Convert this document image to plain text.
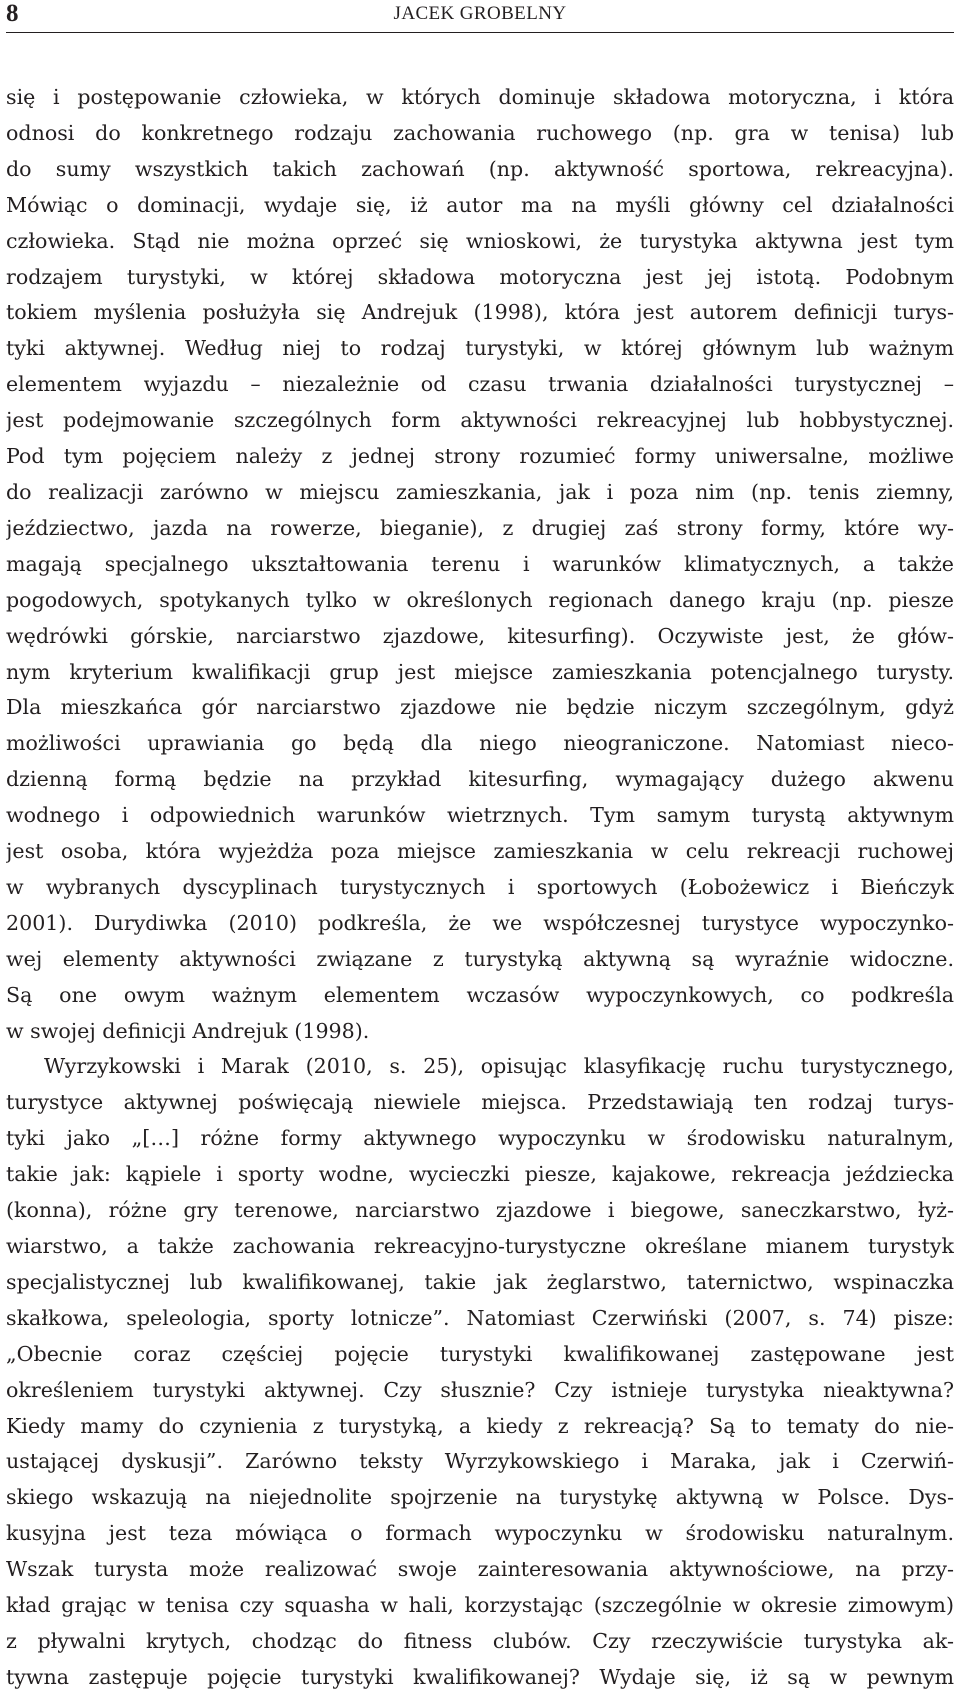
8	JACEK GROBELNY

się i postępowanie człowieka, w których dominuje składowa motoryczna, i która
odnosi do konkretnego rodzaju zachowania ruchowego (np. gra w tenisa) lub
do sumy wszystkich takich zachowań (np. aktywność sportowa, rekreacyjna).
Mówiąc o dominacji, wydaje się, iż autor ma na myśli główny cel działalności
człowieka. Stąd nie można oprzeć się wnioskowi, że turystyka aktywna jest tym
rodzajem turystyki, w której składowa motoryczna jest jej istotą. Podobnym
tokiem myślenia posłużyła się Andrejuk (1998), która jest autorem definicji turys-
tyki aktywnej. Według niej to rodzaj turystyki, w której głównym lub ważnym
elementem wyjazdu – niezależnie od czasu trwania działalności turystycznej –
jest podejmowanie szczególnych form aktywności rekreacyjnej lub hobbystycznej.
Pod tym pojęciem należy z jednej strony rozumieć formy uniwersalne, możliwe
do realizacji zarówno w miejscu zamieszkania, jak i poza nim (np. tenis ziemny,
jeździectwo, jazda na rowerze, bieganie), z drugiej zaś strony formy, które wy-
magają specjalnego ukształtowania terenu i warunków klimatycznych, a także
pogodowych, spotykanych tylko w określonych regionach danego kraju (np. piesze
wędrówki górskie, narciarstwo zjazdowe, kitesurfing). Oczywiste jest, że głów-
nym kryterium kwalifikacji grup jest miejsce zamieszkania potencjalnego turysty.
Dla mieszkańca gór narciarstwo zjazdowe nie będzie niczym szczególnym, gdyż
możliwości uprawiania go będą dla niego nieograniczone. Natomiast nieco-
dzienną formą będzie na przykład kitesurfing, wymagający dużego akwenu
wodnego i odpowiednich warunków wietrznych. Tym samym turystą aktywnym
jest osoba, która wyjeżdża poza miejsce zamieszkania w celu rekreacji ruchowej
w wybranych dyscyplinach turystycznych i sportowych (Łobożewicz i Bieńczyk
2001). Durydiwka (2010) podkreśla, że we współczesnej turystyce wypoczynko-
wej elementy aktywności związane z turystyką aktywną są wyraźnie widoczne.
Są one owym ważnym elementem wczasów wypoczynkowych, co podkreśla
w swojej definicji Andrejuk (1998).

Wyrzykowski i Marak (2010, s. 25), opisując klasyfikację ruchu turystycznego,
turystyce aktywnej poświęcają niewiele miejsca. Przedstawiają ten rodzaj turys-
tyki jako „[…] różne formy aktywnego wypoczynku w środowisku naturalnym,
takie jak: kąpiele i sporty wodne, wycieczki piesze, kajakowe, rekreacja jeździecka
(konna), różne gry terenowe, narciarstwo zjazdowe i biegowe, saneczkarstwo, łyż-
wiarstwo, a także zachowania rekreacyjno-turystyczne określane mianem turystyk
specjalistycznej lub kwalifikowanej, takie jak żeglarstwo, taternictwo, wspinaczka
skałkowa, speleologia, sporty lotnicze”. Natomiast Czerwiński (2007, s. 74) pisze:
„Obecnie coraz częściej pojęcie turystyki kwalifikowanej zastępowane jest
określeniem turystyki aktywnej. Czy słusznie? Czy istnieje turystyka nieaktywna?
Kiedy mamy do czynienia z turystyką, a kiedy z rekreacją? Są to tematy do nie-
ustającej dyskusji”. Zarówno teksty Wyrzykowskiego i Maraka, jak i Czerwiń-
skiego wskazują na niejednolite spojrzenie na turystykę aktywną w Polsce. Dys-
kusyjna jest teza mówiąca o formach wypoczynku w środowisku naturalnym.
Wszak turysta może realizować swoje zainteresowania aktywnościowe, na przy-
kład grając w tenisa czy squasha w hali, korzystając (szczególnie w okresie zimowym)
z pływalni krytych, chodząc do fitness clubów. Czy rzeczywiście turystyka ak-
tywna zastępuje pojęcie turystyki kwalifikowanej? Wydaje się, iż są w pewnym
